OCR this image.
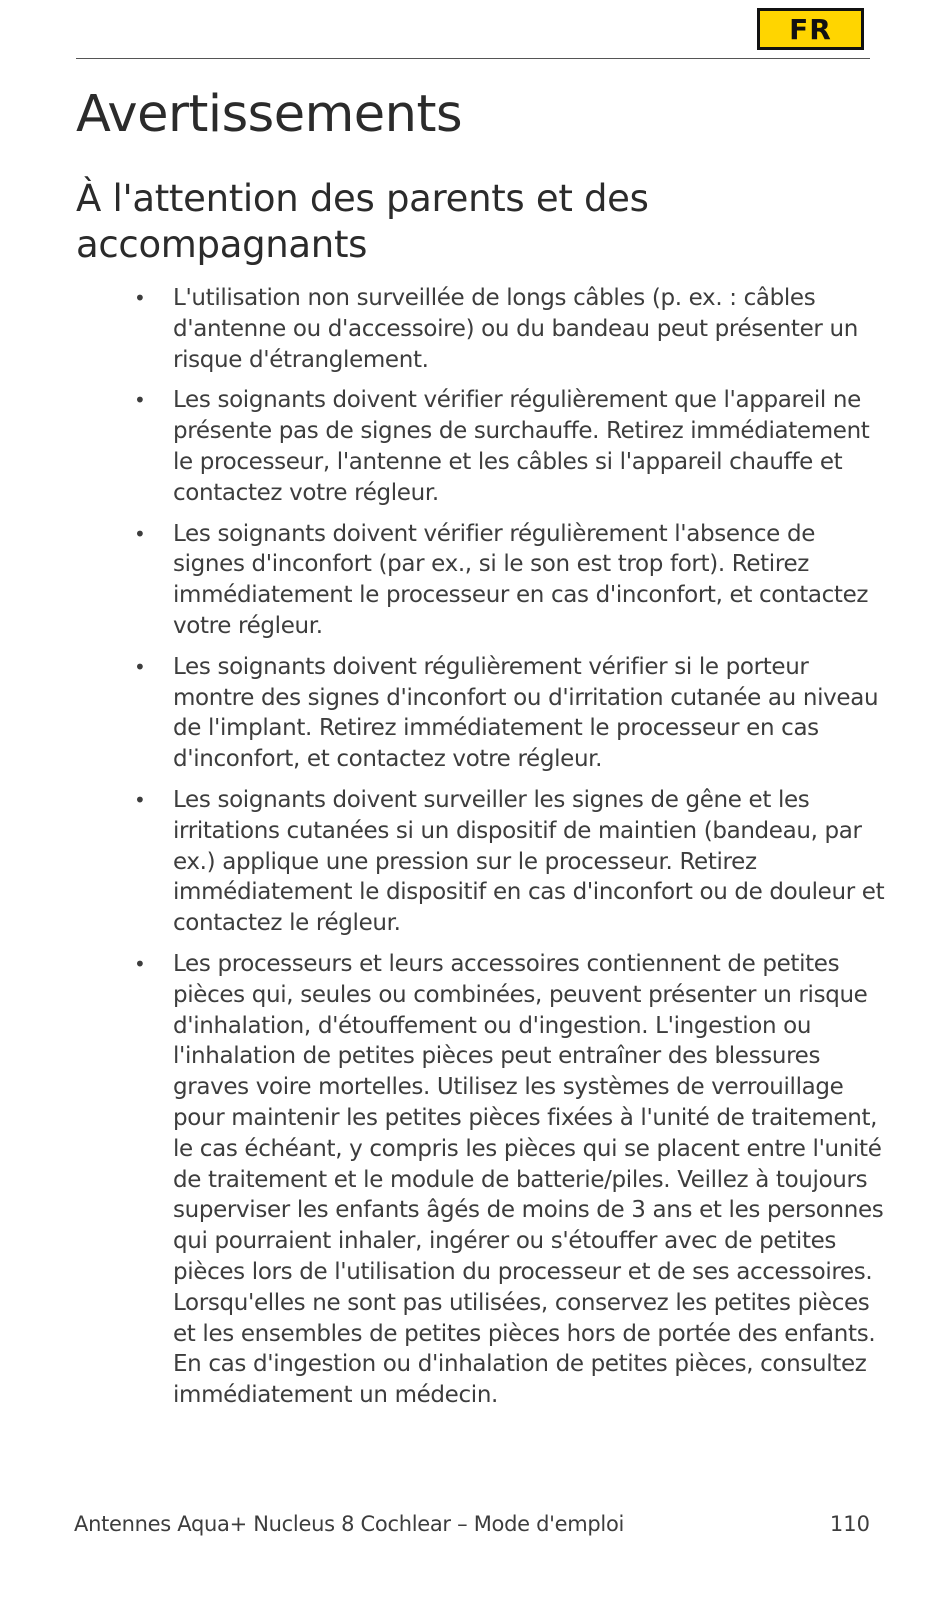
FR
Avertissements
À l'attention des parents et des accompagnants
• L'utilisation non surveillée de longs câbles (p. ex. : câbles d'antenne ou d'accessoire) ou du bandeau peut présenter un risque d'étranglement.
• Les soignants doivent vérifier régulièrement que l'appareil ne présente pas de signes de surchauffe. Retirez immédiatement le processeur, l'antenne et les câbles si l'appareil chauffe et contactez votre régleur.
• Les soignants doivent vérifier régulièrement l'absence de signes d'inconfort (par ex., si le son est trop fort). Retirez immédiatement le processeur en cas d'inconfort, et contactez votre régleur.
• Les soignants doivent régulièrement vérifier si le porteur montre des signes d'inconfort ou d'irritation cutanée au niveau de l'implant. Retirez immédiatement le processeur en cas d'inconfort, et contactez votre régleur.
• Les soignants doivent surveiller les signes de gêne et les irritations cutanées si un dispositif de maintien (bandeau, par ex.) applique une pression sur le processeur. Retirez immédiatement le dispositif en cas d'inconfort ou de douleur et contactez le régleur.
• Les processeurs et leurs accessoires contiennent de petites pièces qui, seules ou combinées, peuvent présenter un risque d'inhalation, d'étouffement ou d'ingestion. L'ingestion ou l'inhalation de petites pièces peut entraîner des blessures graves voire mortelles. Utilisez les systèmes de verrouillage pour maintenir les petites pièces fixées à l'unité de traitement, le cas échéant, y compris les pièces qui se placent entre l'unité de traitement et le module de batterie/piles. Veillez à toujours superviser les enfants âgés de moins de 3 ans et les personnes qui pourraient inhaler, ingérer ou s'étouffer avec de petites pièces lors de l'utilisation du processeur et de ses accessoires. Lorsqu'elles ne sont pas utilisées, conservez les petites pièces et les ensembles de petites pièces hors de portée des enfants. En cas d'ingestion ou d'inhalation de petites pièces, consultez immédiatement un médecin.
Antennes Aqua+ Nucleus 8 Cochlear – Mode d'emploi	110
